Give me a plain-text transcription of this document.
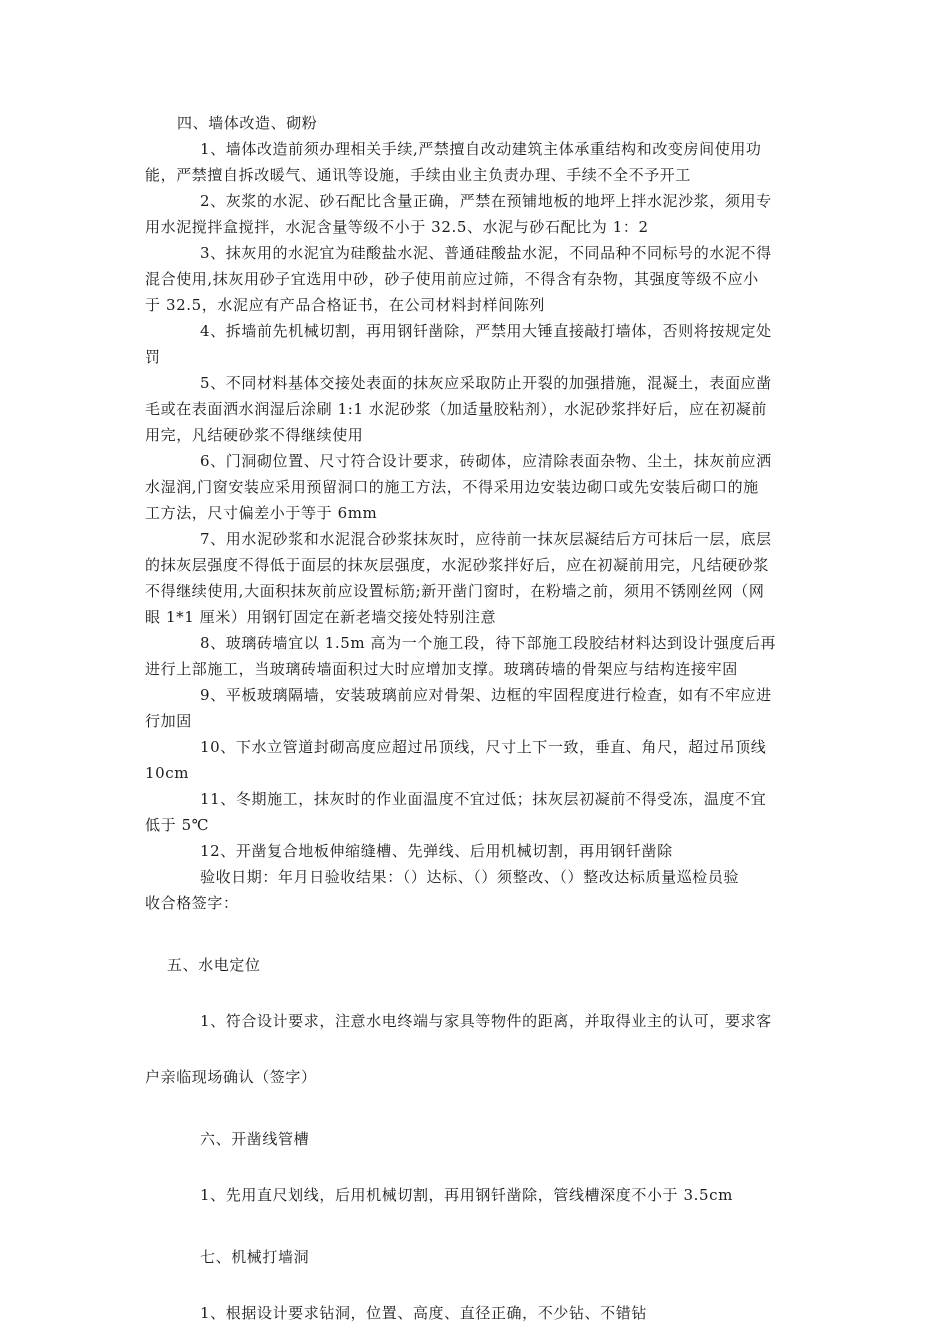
四、墙体改造、砌粉
1、墙体改造前须办理相关手续,严禁擅自改动建筑主体承重结构和改变房间使用功
能，严禁擅自拆改暖气、通讯等设施，手续由业主负责办理、手续不全不予开工
2、灰浆的水泥、砂石配比含量正确，严禁在预铺地板的地坪上拌水泥沙浆，须用专
用水泥搅拌盒搅拌，水泥含量等级不小于 32.5、水泥与砂石配比为 1：2
3、抹灰用的水泥宜为硅酸盐水泥、普通硅酸盐水泥，不同品种不同标号的水泥不得
混合使用,抹灰用砂子宜选用中砂，砂子使用前应过筛，不得含有杂物，其强度等级不应小
于 32.5，水泥应有产品合格证书，在公司材料封样间陈列
4、拆墙前先机械切割，再用钢钎凿除，严禁用大锤直接敲打墙体，否则将按规定处
罚
5、不同材料基体交接处表面的抹灰应采取防止开裂的加强措施，混凝土，表面应凿
毛或在表面洒水润湿后涂刷 1:1 水泥砂浆（加适量胶粘剂），水泥砂浆拌好后，应在初凝前
用完，凡结硬砂浆不得继续使用
6、门洞砌位置、尺寸符合设计要求，砖砌体，应清除表面杂物、尘土，抹灰前应洒
水湿润,门窗安装应采用预留洞口的施工方法，不得采用边安装边砌口或先安装后砌口的施
工方法，尺寸偏差小于等于 6mm
7、用水泥砂浆和水泥混合砂浆抹灰时，应待前一抹灰层凝结后方可抹后一层，底层
的抹灰层强度不得低于面层的抹灰层强度，水泥砂浆拌好后，应在初凝前用完，凡结硬砂浆
不得继续使用,大面积抹灰前应设置标筋;新开凿门窗时，在粉墙之前，须用不锈刚丝网（网
眼 1*1 厘米）用钢钉固定在新老墙交接处特别注意
8、玻璃砖墙宜以 1.5m 高为一个施工段，待下部施工段胶结材料达到设计强度后再
进行上部施工，当玻璃砖墙面积过大时应增加支撑。玻璃砖墙的骨架应与结构连接牢固
9、平板玻璃隔墙，安装玻璃前应对骨架、边框的牢固程度进行检查，如有不牢应进
行加固
10、下水立管道封砌高度应超过吊顶线，尺寸上下一致，垂直、角尺，超过吊顶线
10cm
11、冬期施工，抹灰时的作业面温度不宜过低；抹灰层初凝前不得受冻，温度不宜
低于 5℃
12、开凿复合地板伸缩缝槽、先弹线、后用机械切割，再用钢钎凿除
验收日期：年月日验收结果：（）达标、（）须整改、（）整改达标质量巡检员验
收合格签字：
五、水电定位
1、符合设计要求，注意水电终端与家具等物件的距离，并取得业主的认可，要求客
户亲临现场确认（签字）
六、开凿线管槽
1、先用直尺划线，后用机械切割，再用钢钎凿除，管线槽深度不小于 3.5cm
七、机械打墙洞
1、根据设计要求钻洞，位置、高度、直径正确，不少钻、不错钻
